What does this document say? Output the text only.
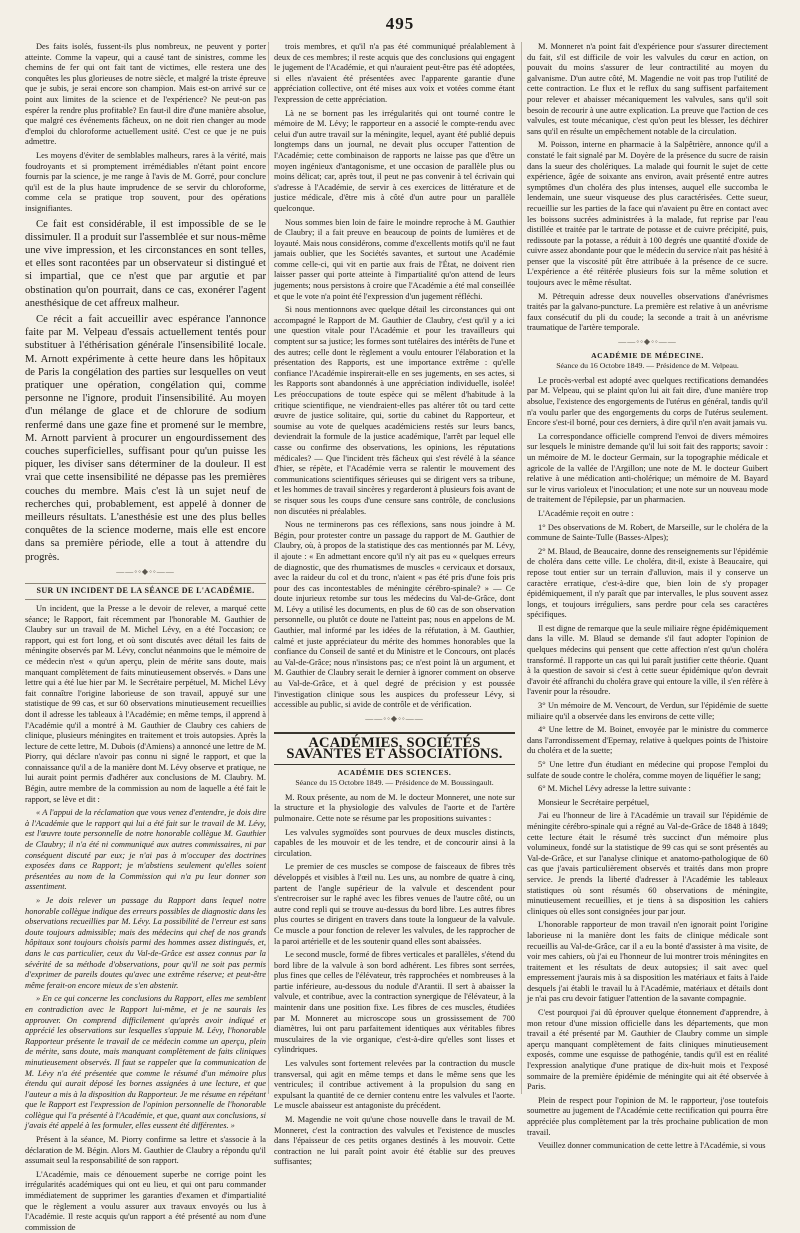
495

Des faits isolés, fussent-ils plus nombreux, ne peuvent y porter atteinte. Comme la vapeur, qui a causé tant de sinistres, comme les chemins de fer qui ont fait tant de victimes, elle restera une des conquêtes les plus glorieuses de notre siècle, et malgré la triste épreuve que je subis, je serai encore son champion. Mais est-on arrivé sur ce point aux limites de la science et de l'expérience? Ne peut-on pas espérer la rendre plus profitable? En faut-il dire d'une manière absolue, que malgré ces événements fâcheux, on ne doit rien changer au mode d'emploi du chloroforme actuellement usité. C'est ce que je ne puis admettre.

Les moyens d'éviter de semblables malheurs, rares à la vérité, mais foudroyants et si promptement irrémédiables n'étant point encore fournis par la science, je me range à l'avis de M. Gorré, pour conclure qu'il est de la plus haute imprudence de se servir du chloroforme, comme cela se pratique trop souvent, pour des opérations insignifiantes.

Ce fait est considérable, il est impossible de se le dissimuler. Il a produit sur l'assemblée et sur nous-même une vive impression, et les circonstances en sont telles, et elles sont racontées par un observateur si distingué et si impartial, que ce n'est que par argutie et par obstination qu'on pourrait, dans ce cas, exonérer l'agent anesthésique de cet affreux malheur.

Ce récit a fait accueillir avec espérance l'annonce faite par M. Velpeau d'essais actuellement tentés pour substituer à l'éthérisation générale l'insensibilité locale. M. Arnott expérimente à cette heure dans les hôpitaux de Paris la congélation des parties sur lesquelles on veut pratiquer une opération, congélation qui, comme personne ne l'ignore, produit l'insensibilité. Au moyen d'un mélange de glace et de chlorure de sodium renfermé dans une gaze fine et promené sur le membre, M. Arnott parvient à procurer un engourdissement des couches superficielles, suffisant pour qu'un puisse les piquer, les diviser sans déterminer de la douleur. Il est vrai que cette insensibilité ne dépasse pas les premières couches du membre. Mais c'est là un sujet neuf de recherches qui, probablement, est appelé à donner de meilleurs résultats. L'anesthésie est une des plus belles conquêtes de la science moderne, mais elle est encore dans sa première période, elle a tout à attendre du progrès.

——◦◦◆◦◦——
SUR UN INCIDENT DE LA SÉANCE DE L'ACADÉMIE.

Un incident, que la Presse a le devoir de relever, a marqué cette séance; le Rapport, fait récemment par l'honorable M. Gauthier de Claubry sur un travail de M. Michel Lévy, en a été l'occasion; ce rapport, qui est fort long, et où sont discutés avec détail les faits de méningite observés par M. Lévy, conclut néanmoins que le mémoire de ce médecin n'est « qu'un aperçu, plein de mérite sans doute, mais manquant complètement de faits minutieusement observés. » Dans une lettre qui a été lue hier par M. le Secrétaire perpétuel, M. Michel Lévy fait connaître l'origine laborieuse de son travail, appuyé sur une statistique de 99 cas, et sur 60 observations minutieusement recueillies dont il adresse les tableaux à l'Académie; en même temps, il apprend à l'Académie qu'il a montré à M. Gauthier de Claubry ces cahiers de clinique, plusieurs méningites en traitement et trois autopsies. Après la lecture de cette lettre, M. Dubois (d'Amiens) a annoncé une lettre de M. Piorry, qui déclare n'avoir pas connu ni signé le rapport, et que la connaissance qu'il a de la manière dont M. Lévy observe et pratique, ne lui aurait point permis d'adhérer aux conclusions de M. Claubry. M. Bégin, autre membre de la commission au nom de laquelle a été fait le rapport, se lève et dit :

« A l'appui de la réclamation que vous venez d'entendre, je dois dire à l'Académie que le rapport qui lui a été fait sur le travail de M. Lévy, est l'œuvre toute personnelle de notre honorable collègue M. Gauthier de Claubry; il n'a été ni communiqué aux autres commissaires, ni par conséquent discuté par eux; je n'ai pas à m'occuper des doctrines exposées dans ce Rapport; je m'abstiens seulement qu'elles soient présentées au nom de la Commission qui n'a pu leur donner son assentiment.

» Je dois relever un passage du Rapport dans lequel notre honorable collègue indique des erreurs possibles de diagnostic dans les observations recueillies par M. Lévy. La possibilité de l'erreur est sans doute toujours admissible; mais des médecins qui chef de nos grands hôpitaux sont toujours choisis parmi des hommes assez distingués, et, dans le cas particulier, ceux du Val-de-Grâce est assez connus par la sévérité de sa méthode d'observations, pour qu'il ne soit pas permis d'exprimer de pareils doutes qu'avec une extrême réserve; et peut-être même ferait-on encore mieux de s'en abstenir.

» En ce qui concerne les conclusions du Rapport, elles me semblent en contradiction avec le Rapport lui-même, et je ne saurais les approuver. On comprend difficilement qu'après avoir indiqué et apprécié les observations sur lesquelles s'appuie M. Lévy, l'honorable Rapporteur présente le travail de ce médecin comme un aperçu, plein de mérite, sans doute, mais manquant complètement de faits cliniques minutieusement observés. Il faut se rappeler que la communication de M. Lévy n'a été présentée que comme le résumé d'un mémoire plus étendu qui aurait déposé les bornes assignées à une lecture, et que l'auteur a mis à la disposition du Rapporteur. Je me résume en répétant que le Rapport est l'expression de l'opinion personnelle de l'honorable collègue qui l'a présenté à l'Académie, et que, quant aux conclusions, si j'avais été appelé à les formuler, elles eussent été différentes. »

Présent à la séance, M. Piorry confirme sa lettre et s'associe à la déclaration de M. Bégin. Alors M. Gauthier de Claubry a répondu qu'il assumait seul la responsabilité de son rapport.

L'Académie, mais ce dénouement superbe ne corrige point les irrégularités académiques qui ont eu lieu, et qui ont paru commander immédiatement de supprimer les garanties d'examen et d'impartialité que le règlement a voulu assurer aux travaux envoyés ou lus à l'Académie. Il reste acquis qu'un rapport a été présenté au nom d'une commission de

trois membres, et qu'il n'a pas été communiqué préalablement à deux de ces membres; il reste acquis que des conclusions qui engagent le jugement de l'Académie, et qui n'auraient peut-être pas été adoptées, si elles n'avaient été présentées avec l'apparente garantie d'une appréciation collective, ont été mises aux voix et votées comme étant l'expression de cette appréciation.

Là ne se bornent pas les irrégularités qui ont tourné contre le mémoire de M. Lévy; le rapporteur en a associé le compte-rendu avec celui d'un autre travail sur la méningite, lequel, ayant été publié depuis longtemps dans un journal, ne devait plus occuper l'attention de l'Académie; cette combinaison de rapports ne laisse pas que d'être un moyen ingénieux d'antagonisme, et une occasion de parallèle plus ou moins délicat; car, après tout, il peut ne pas convenir à tel écrivain qui s'adresse à l'Académie, de servir à ces exercices de littérature et de justice médicale, d'être mis à côté d'un autre pour un parallèle quelconque.

Nous sommes bien loin de faire le moindre reproche à M. Gauthier de Claubry; il a fait preuve en beaucoup de points de lumières et de loyauté. Mais nous considérons, comme d'excellents motifs qu'il ne faut jamais oublier, que les Sociétés savantes, et surtout une Académie comme celle-ci, qui vit en partie aux frais de l'État, ne doivent rien laisser passer qui porte atteinte à l'impartialité qu'on attend de leurs jugements; nous persistons à croire que l'Académie a été mal conseillée et que le vote n'a point été l'expression d'un jugement réfléchi.

Si nous mentionnons avec quelque détail les circonstances qui ont accompagné le Rapport de M. Gauthier de Claubry, c'est qu'il y a ici une question vitale pour l'Académie et pour les travailleurs qui comptent sur sa justice; les formes sont tutélaires des intérêts de l'une et des autres; celle dont le règlement a voulu entourer l'élaboration et la présentation des Rapports, est une importance extrême : qu'elle confiance l'Académie inspirerait-elle en ses jugements, en ses actes, si les Rapports sont abandonnés à une appréciation individuelle, isolée! Les préoccupations de toute espèce qui se mêlent d'habitude à la critique scientifique, ne viendraient-elles pas altérer tôt ou tard cette œuvre de justice solitaire, qui, sortie du cabinet du Rapporteur, et soumise au vote de quelques académiciens restés sur leurs bancs, deviendrait la formule de la justice académique, l'arrêt par lequel elle casse ou confirme des observations, les opinions, les réputations médicales? — Que l'incident très fâcheux qui s'est révélé à la séance d'hier, se répète, et l'Académie verra se ralentir le mouvement des communications scientifiques sérieuses qui se dirigent vers sa tribune, et les hommes de travail sincères y regarderont à plusieurs fois avant de se risquer sous les coups d'une censure sans contrôle, de conclusions non discutées ni préalables.

Nous ne terminerons pas ces réflexions, sans nous joindre à M. Bégin, pour protester contre un passage du rapport de M. Gauthier de Claubry, où, à propos de la statistique des cas mentionnés par M. Lévy, il ajoute : « En admettant encore qu'il n'y ait pas eu « quelques erreurs de diagnostic, que des rhumatismes de muscles « cervicaux et dorsaux, avec la raideur du col et du tronc, n'aient « pas été pris d'une fois pris pour des cas incontestables de méningite cérébro-spinale? » — Ce doute injurieux retombe sur tous les médecins du Val-de-Grâce, dont M. Lévy a utilisé les documents, en plus de 60 cas de son observation personnelle, ou plutôt ce doute ne l'atteint pas; nous en appelons de M. Gauthier, mal informé par les idées de la réfutation, à M. Gauthier, calmé et juste appréciateur du mérite des hommes honorables que la confiance du Conseil de santé et du Ministre et le Concours, ont placés au Val-de-Grâce; nous n'insistons pas; ce n'est point là un argument, et M. Gauthier de Claubry serait le dernier à ignorer comment on observe au Val-de-Grâce, et à quel degré de précision y est poussée l'investigation clinique sous les auspices du professeur Lévy, si accessible au public, si avide de contrôle et de vérification.

——◦◦◆◦◦——
ACADÉMIES, SOCIÉTÉS SAVANTES ET ASSOCIATIONS.
ACADÉMIE DES SCIENCES.
Séance du 15 Octobre 1849. — Présidence de M. Boussingault.

M. Roux présente, au nom de M. le docteur Monneret, une note sur la structure et la physiologie des valvules de l'aorte et de l'artère pulmonaire. Cette note se résume par les propositions suivantes :

Les valvules sygmoïdes sont pourvues de deux muscles distincts, capables de les mouvoir et de les tendre, et de concourir ainsi à la circulation.

Le premier de ces muscles se compose de faisceaux de fibres très développés et visibles à l'œil nu. Les uns, au nombre de quatre à cinq, partent de l'angle supérieur de la valvule et descendent pour s'entrecroiser sur le raphé avec les fibres venues de l'autre côté, ou un autre cond repli qui se trouve au-dessus du bord libre. Les autres fibres plus courtes se dirigent en travers dans toute la longueur de la valvule. Ce muscle a pour fonction de relever les valvules, de les rapprocher de la paroi artérielle et de les soutenir quand elles sont abaissées.

Le second muscle, formé de fibres verticales et parallèles, s'étend du bord libre de la valvule à son bord adhérent. Les fibres sont serrées, plus fines que celles de l'élévateur, très rapprochées et nombreuses à la partie inférieure, au-dessous du nodule d'Arantii. Il sert à abaisser la valvule, et contribue, avec la contraction synergique de l'élévateur, à la maintenir dans une position fixe. Les fibres de ces muscles, étudiées par M. Monneret au microscope sous un grossissement de 700 diamètres, lui ont paru parfaitement identiques aux véritables fibres musculaires de la vie organique, c'est-à-dire qu'elles sont lisses et cylindriques.

Les valvules sont fortement relevées par la contraction du muscle transversal, qui agit en même temps et dans le même sens que les ventricules; il contribue activement à la propulsion du sang en expulsant la quantité de ce dernier contenu entre les valvules et l'aorte. Le muscle abaisseur est antagoniste du précédent.

M. Magendie ne voit qu'une chose nouvelle dans le travail de M. Monneret, c'est la contraction des valvules et l'existence de muscles dans l'épaisseur de ces petits organes destinés à les mouvoir. Cette contraction ne lui paraît point avoir été établie sur des preuves suffisantes;

M. Monneret n'a point fait d'expérience pour s'assurer directement du fait, s'il est difficile de voir les valvules du cœur en action, on pouvait du moins s'assurer de leur contractilité au moyen du galvanisme. D'un autre côté, M. Magendie ne voit pas trop l'utilité de cette contraction. Le flux et le reflux du sang suffisent parfaitement pour relever et abaisser mécaniquement les valvules, sans qu'il soit besoin de recourir à une autre explication. La preuve que l'action de ces valvules, est toute mécanique, c'est qu'on peut les blesser, les déchirer sans qu'il en résulte un empêchement notable de la circulation.

M. Poisson, interne en pharmacie à la Salpêtrière, annonce qu'il a constaté le fait signalé par M. Doyère de la présence du sucre de raisin dans la sueur des cholériques. La malade qui fournit le sujet de cette expérience, âgée de soixante ans environ, avait présenté entre autres symptômes d'un choléra des plus intenses, auquel elle succomba le lendemain, une sueur visqueuse des plus caractérisées. Cette sueur, recueillie sur les parties de la face qui n'avaient pu être en contact avec les boissons sucrées administrées à la malade, fut reprise par l'eau distillée et traitée par le tartrate de potasse et de cuivre précipité, puis, redissoute par la potasse, a réduit à 100 degrés une quantité d'oxide de cuivre assez abondante pour que le médecin du service n'ait pas hésité à penser que la viscosité pût être attribuée à la présence de ce sucre. L'expérience a été réitérée plusieurs fois sur la même solution et toujours avec le même résultat.

M. Pétrequin adresse deux nouvelles observations d'anévrismes traités par la galvano-puncture. La première est relative à un anévrisme faux consécutif du pli du coude; la seconde a trait à un anévrisme traumatique de l'artère temporale.

——◦◦◆◦◦——
ACADÉMIE DE MÉDECINE.
Séance du 16 Octobre 1849. — Présidence de M. Velpeau.

Le procès-verbal est adopté avec quelques rectifications demandées par M. Velpeau, qui se plaint qu'on lui ait fait dire, d'une manière trop absolue, l'existence des engorgements de l'utérus en général, tandis qu'il n'a voulu parler que des engorgements du corps de l'utérus seulement. Encore s'est-il borné, pour ces derniers, à dire qu'il n'en avait jamais vu.

La correspondance officielle comprend l'envoi de divers mémoires sur lesquels le ministre demande qu'il lui soit fait des rapports; savoir : un mémoire de M. le docteur Germain, sur la topographie médicale et agricole de la vallée de l'Argillon; une note de M. le docteur Guibert relative à une médication anti-cholérique; un mémoire de M. Bayard sur le virus varioleux et l'inoculation; et une note sur un nouveau mode de traitement de l'épilepsie, par un pharmacien.

L'Académie reçoit en outre :

1° Des observations de M. Robert, de Marseille, sur le choléra de la commune de Sainte-Tulle (Basses-Alpes);

2° M. Blaud, de Beaucaire, donne des renseignements sur l'épidémie de choléra dans cette ville. Le choléra, dit-il, existe à Beaucaire, qui repose tout entier sur un terrain d'alluvion, mais il y conserve un caractère erratique, c'est-à-dire que, bien loin de s'y propager épidémiquement, il n'y paraît que par intervalles, le plus souvent assez longs, et toujours irréguliers, sans perdre pour cela ses caractères spécifiques.

Il est digne de remarque que la seule miliaire règne épidémiquement dans la ville. M. Blaud se demande s'il faut adopter l'opinion de quelques médecins qui pensent que cette affection n'est qu'un choléra transformé. Il rapporte un cas qui lui paraît justifier cette théorie. Quant à la question de savoir si c'est à cette sueur épidémique qu'on devrait d'avoir été affranchi du choléra grave qui entoure la ville, il s'en réfère à l'avenir pour la résoudre.

3° Un mémoire de M. Vencourt, de Verdun, sur l'épidémie de suette miliaire qu'il a observée dans les environs de cette ville;

4° Une lettre de M. Boinet, envoyée par le ministre du commerce dans l'arrondissement d'Epernay, relative à quelques points de l'histoire du choléra et de la suette;

5° Une lettre d'un étudiant en médecine qui propose l'emploi du sulfate de soude contre le choléra, comme moyen de liquéfier le sang;

6° M. Michel Lévy adresse la lettre suivante :

Monsieur le Secrétaire perpétuel,

J'ai eu l'honneur de lire à l'Académie un travail sur l'épidémie de méningite cérébro-spinale qui a régné au Val-de-Grâce de 1848 à 1849; cette lecture était le résumé très succinct d'un mémoire plus volumineux, fondé sur la statistique de 99 cas qui se sont présentés au Val-de-Grâce, et sur l'analyse clinique et anatomo-pathologique de 60 cas que j'avais particulièrement observés et traités dans mon propre service. Je prends la liberté d'adresser à l'Académie les tableaux statistiques où sont résumés 60 observations de méningite, minutieusement recueillies, et je tiens à sa disposition les cahiers cliniques où elles sont consignées jour par jour.

L'honorable rapporteur de mon travail n'en ignorait point l'origine laborieuse ni la manière dont les faits de clinique médicale sont recueillis au Val-de-Grâce, car il a eu la bonté d'assister à ma visite, de voir mes cahiers, où j'ai eu l'honneur de lui montrer trois méningites en traitement et les résultats de deux autopsies; il sait avec quel empressement j'aurais mis à sa disposition les matériaux et faits à l'aide desquels j'ai établi le travail lu à l'Académie, matériaux et détails dont je n'ai pas cru devoir fatiguer l'attention de la savante compagnie.

C'est pourquoi j'ai dû éprouver quelque étonnement d'apprendre, à mon retour d'une mission officielle dans les départements, que mon travail a été présenté par M. Gauthier de Claubry comme un simple aperçu manquant complètement de faits cliniques minutieusement exposés, comme une esquisse de pathogénie, tandis qu'il est en réalité l'expression analytique d'une pratique de dix-huit mois et l'exposé sommaire de la première épidémie de méningite qui ait été observée à Paris.

Plein de respect pour l'opinion de M. le rapporteur, j'ose toutefois soumettre au jugement de l'Académie cette rectification qui pourra être appréciée plus complètement par la très prochaine publication de mon travail.

Veuillez donner communication de cette lettre à l'Académie, si vous
